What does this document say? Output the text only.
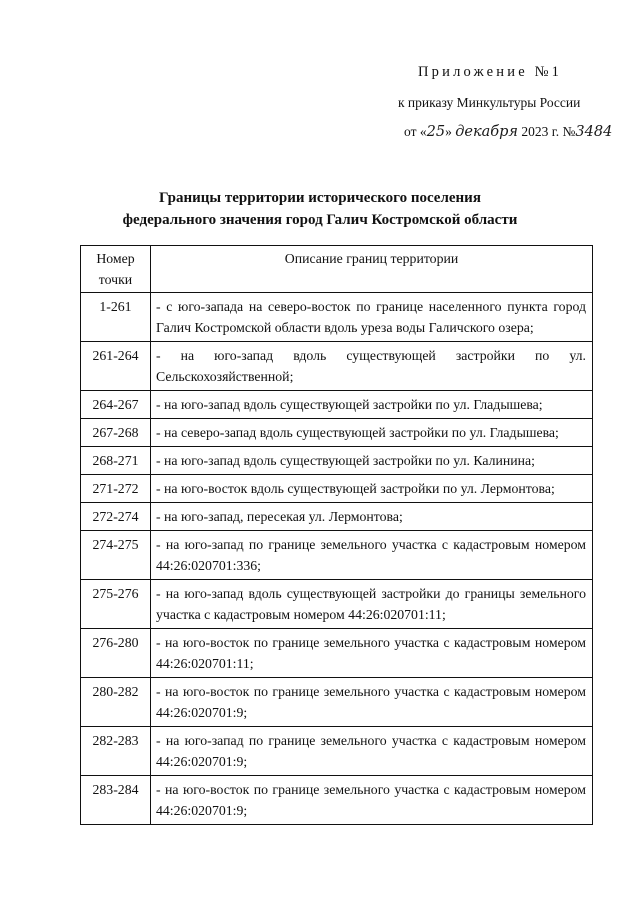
Приложение №1
к приказу Минкультуры России
от «25» декабря 2023 г. №3484
Границы территории исторического поселения
федерального значения город Галич Костромской области
Номер точки	Описание границ территории
1-261	- с юго-запада на северо-восток по границе населенного пункта город Галич Костромской области вдоль уреза воды Галичского озера;
261-264	- на юго-запад вдоль существующей застройки по ул. Сельскохозяйственной;
264-267	- на юго-запад вдоль существующей застройки по ул. Гладышева;
267-268	- на северо-запад вдоль существующей застройки по ул. Гладышева;
268-271	- на юго-запад вдоль существующей застройки по ул. Калинина;
271-272	- на юго-восток вдоль существующей застройки по ул. Лермонтова;
272-274	- на юго-запад, пересекая ул. Лермонтова;
274-275	- на юго-запад по границе земельного участка с кадастровым номером 44:26:020701:336;
275-276	- на юго-запад вдоль существующей застройки до границы земельного участка с кадастровым номером 44:26:020701:11;
276-280	- на юго-восток по границе земельного участка с кадастровым номером 44:26:020701:11;
280-282	- на юго-восток по границе земельного участка с кадастровым номером 44:26:020701:9;
282-283	- на юго-запад по границе земельного участка с кадастровым номером 44:26:020701:9;
283-284	- на юго-восток по границе земельного участка с кадастровым номером 44:26:020701:9;
